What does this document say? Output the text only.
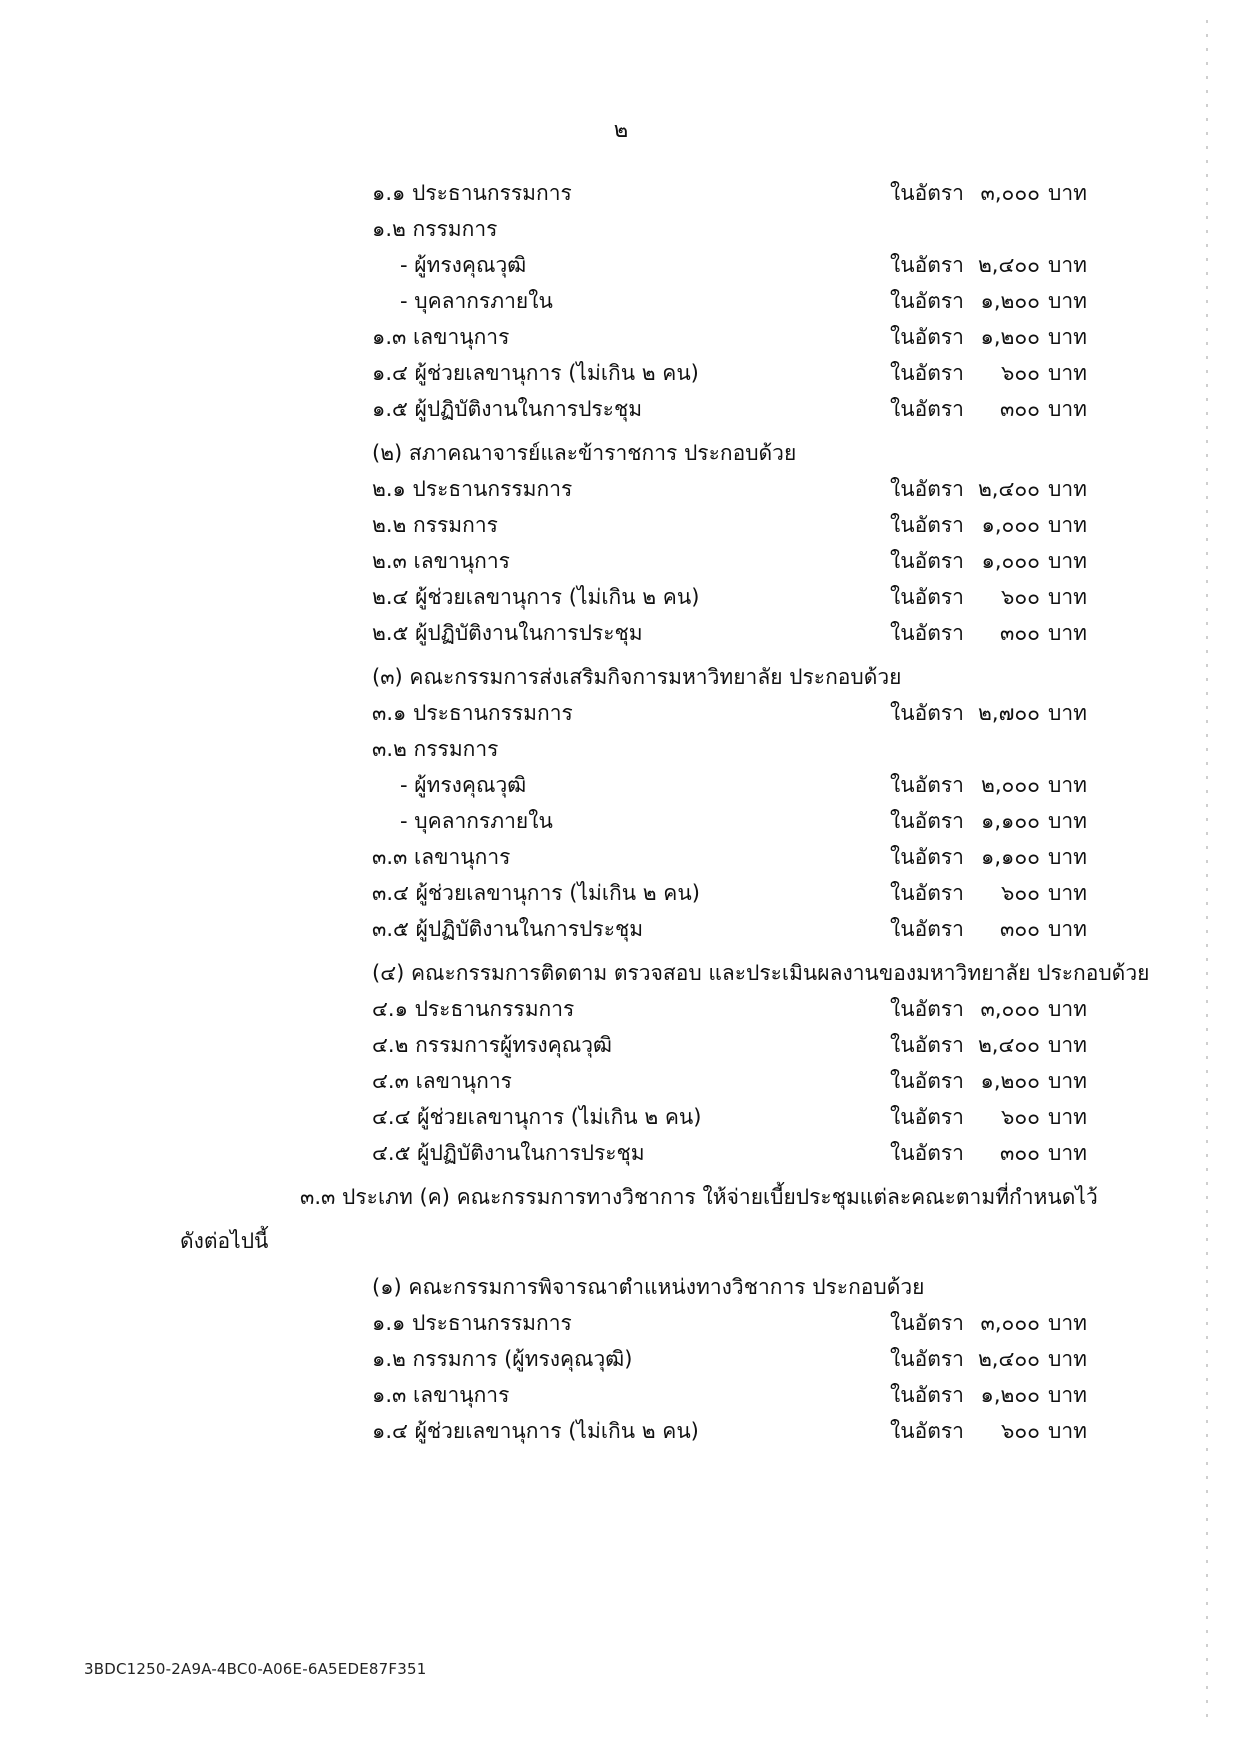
๒
๑.๑ ประธานกรรมการ	ในอัตรา ๓,๐๐๐ บาท
๑.๒ กรรมการ
- ผู้ทรงคุณวุฒิ	ในอัตรา ๒,๔๐๐ บาท
- บุคลากรภายใน	ในอัตรา ๑,๒๐๐ บาท
๑.๓ เลขานุการ	ในอัตรา ๑,๒๐๐ บาท
๑.๔ ผู้ช่วยเลขานุการ (ไม่เกิน ๒ คน)	ในอัตรา	๖๐๐ บาท
๑.๕ ผู้ปฏิบัติงานในการประชุม	ในอัตรา	๓๐๐ บาท
(๒) สภาคณาจารย์และข้าราชการ ประกอบด้วย
๒.๑ ประธานกรรมการ	ในอัตรา ๒,๔๐๐ บาท
๒.๒ กรรมการ	ในอัตรา ๑,๐๐๐ บาท
๒.๓ เลขานุการ	ในอัตรา ๑,๐๐๐ บาท
๒.๔ ผู้ช่วยเลขานุการ (ไม่เกิน ๒ คน)	ในอัตรา	๖๐๐ บาท
๒.๕ ผู้ปฏิบัติงานในการประชุม	ในอัตรา	๓๐๐ บาท
(๓) คณะกรรมการส่งเสริมกิจการมหาวิทยาลัย ประกอบด้วย
๓.๑ ประธานกรรมการ	ในอัตรา ๒,๗๐๐ บาท
๓.๒ กรรมการ
- ผู้ทรงคุณวุฒิ	ในอัตรา ๒,๐๐๐ บาท
- บุคลากรภายใน	ในอัตรา ๑,๑๐๐ บาท
๓.๓ เลขานุการ	ในอัตรา ๑,๑๐๐ บาท
๓.๔ ผู้ช่วยเลขานุการ (ไม่เกิน ๒ คน)	ในอัตรา	๖๐๐ บาท
๓.๕ ผู้ปฏิบัติงานในการประชุม	ในอัตรา	๓๐๐ บาท
(๔) คณะกรรมการติดตาม ตรวจสอบ และประเมินผลงานของมหาวิทยาลัย ประกอบด้วย
๔.๑ ประธานกรรมการ	ในอัตรา ๓,๐๐๐ บาท
๔.๒ กรรมการผู้ทรงคุณวุฒิ	ในอัตรา ๒,๔๐๐ บาท
๔.๓ เลขานุการ	ในอัตรา ๑,๒๐๐ บาท
๔.๔ ผู้ช่วยเลขานุการ (ไม่เกิน ๒ คน)	ในอัตรา	๖๐๐ บาท
๔.๕ ผู้ปฏิบัติงานในการประชุม	ในอัตรา	๓๐๐ บาท
๓.๓ ประเภท (ค) คณะกรรมการทางวิชาการ ให้จ่ายเบี้ยประชุมแต่ละคณะตามที่กำหนดไว้
ดังต่อไปนี้
(๑) คณะกรรมการพิจารณาตำแหน่งทางวิชาการ ประกอบด้วย
๑.๑ ประธานกรรมการ	ในอัตรา ๓,๐๐๐ บาท
๑.๒ กรรมการ (ผู้ทรงคุณวุฒิ)	ในอัตรา ๒,๔๐๐ บาท
๑.๓ เลขานุการ	ในอัตรา ๑,๒๐๐ บาท
๑.๔ ผู้ช่วยเลขานุการ (ไม่เกิน ๒ คน)	ในอัตรา	๖๐๐ บาท
3BDC1250-2A9A-4BC0-A06E-6A5EDE87F351
